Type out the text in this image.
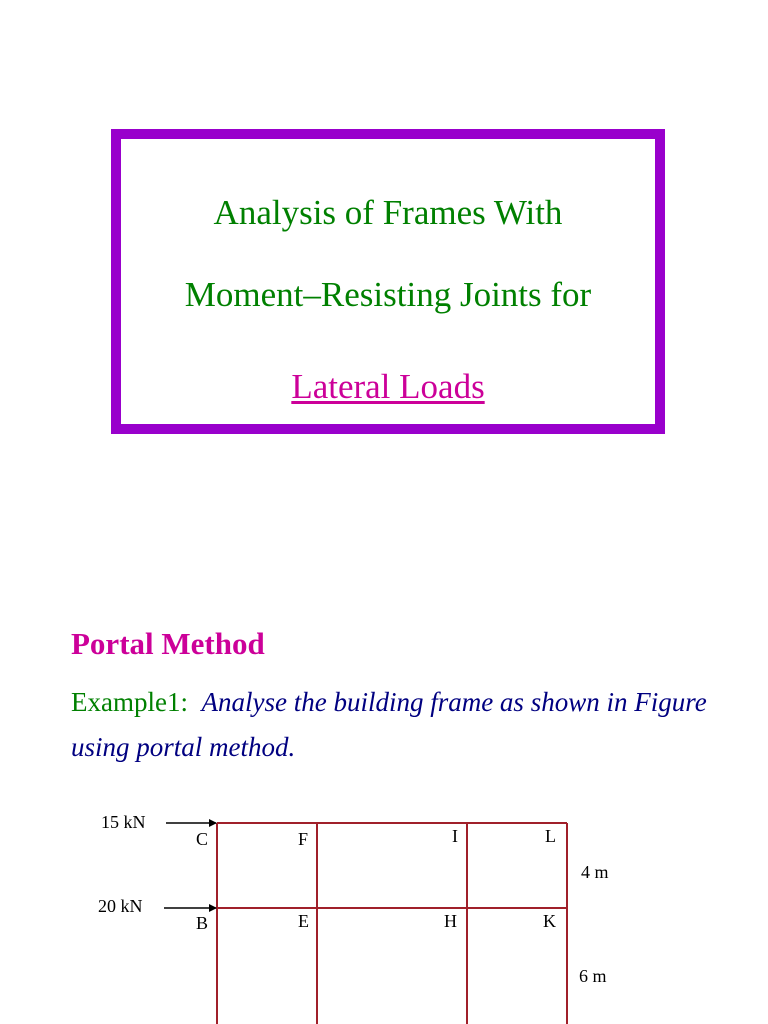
Analysis of Frames With
Moment–Resisting Joints for
Lateral Loads
Portal Method
Example1: Analyse the building frame as shown in Figure using portal method.
15 kN
20 kN
C	F	I	L
B	E	H	K
4 m
6 m
